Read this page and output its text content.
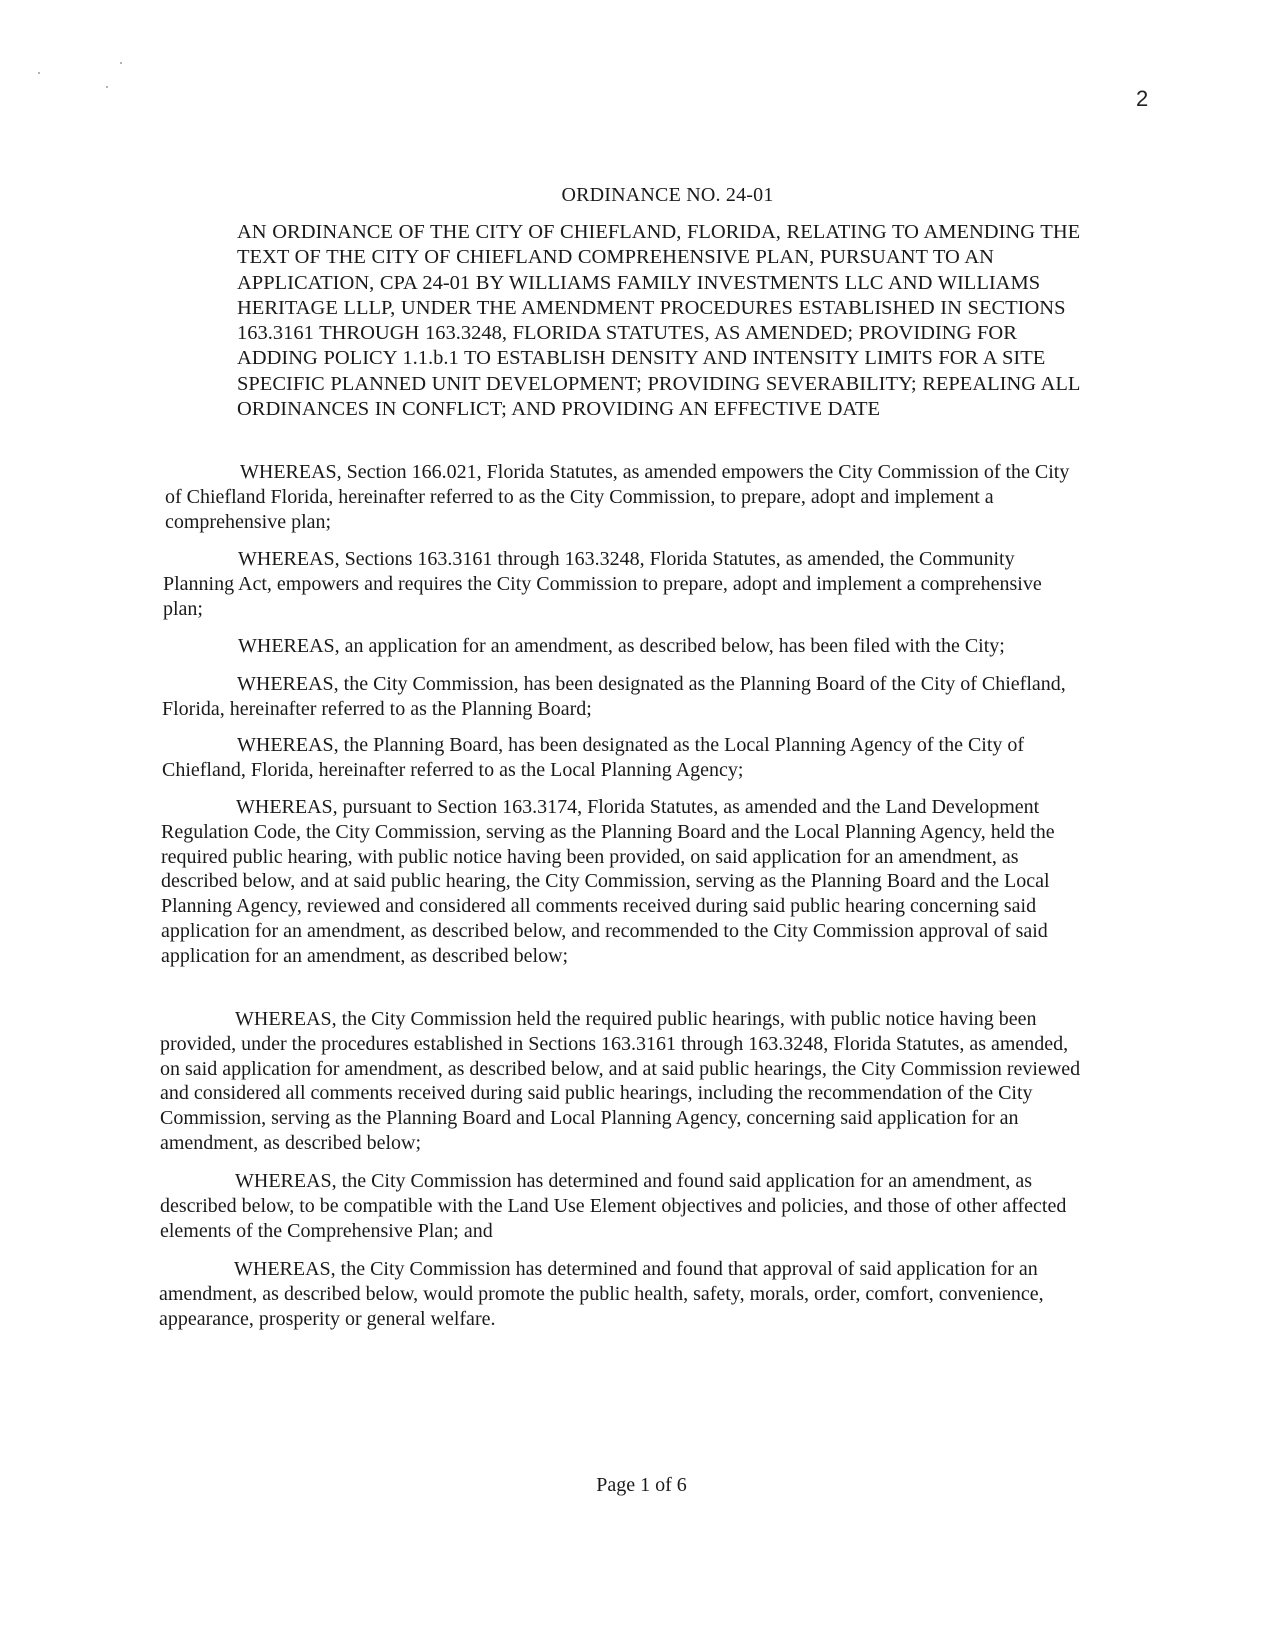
2
ORDINANCE NO. 24-01

AN ORDINANCE OF THE CITY OF CHIEFLAND, FLORIDA, RELATING TO AMENDING THE TEXT OF THE CITY OF CHIEFLAND COMPREHENSIVE PLAN, PURSUANT TO AN APPLICATION, CPA 24-01 BY WILLIAMS FAMILY INVESTMENTS LLC AND WILLIAMS HERITAGE LLLP, UNDER THE AMENDMENT PROCEDURES ESTABLISHED IN SECTIONS 163.3161 THROUGH 163.3248, FLORIDA STATUTES, AS AMENDED; PROVIDING FOR ADDING POLICY 1.1.b.1 TO ESTABLISH DENSITY AND INTENSITY LIMITS FOR A SITE SPECIFIC PLANNED UNIT DEVELOPMENT; PROVIDING SEVERABILITY; REPEALING ALL ORDINANCES IN CONFLICT; AND PROVIDING AN EFFECTIVE DATE

WHEREAS, Section 166.021, Florida Statutes, as amended empowers the City Commission of the City of Chiefland Florida, hereinafter referred to as the City Commission, to prepare, adopt and implement a comprehensive plan;

WHEREAS, Sections 163.3161 through 163.3248, Florida Statutes, as amended, the Community Planning Act, empowers and requires the City Commission to prepare, adopt and implement a comprehensive plan;

WHEREAS, an application for an amendment, as described below, has been filed with the City;

WHEREAS, the City Commission, has been designated as the Planning Board of the City of Chiefland, Florida, hereinafter referred to as the Planning Board;

WHEREAS, the Planning Board, has been designated as the Local Planning Agency of the City of Chiefland, Florida, hereinafter referred to as the Local Planning Agency;

WHEREAS, pursuant to Section 163.3174, Florida Statutes, as amended and the Land Development Regulation Code, the City Commission, serving as the Planning Board and the Local Planning Agency, held the required public hearing, with public notice having been provided, on said application for an amendment, as described below, and at said public hearing, the City Commission, serving as the Planning Board and the Local Planning Agency, reviewed and considered all comments received during said public hearing concerning said application for an amendment, as described below, and recommended to the City Commission approval of said application for an amendment, as described below;

WHEREAS, the City Commission held the required public hearings, with public notice having been provided, under the procedures established in Sections 163.3161 through 163.3248, Florida Statutes, as amended, on said application for amendment, as described below, and at said public hearings, the City Commission reviewed and considered all comments received during said public hearings, including the recommendation of the City Commission, serving as the Planning Board and Local Planning Agency, concerning said application for an amendment, as described below;

WHEREAS, the City Commission has determined and found said application for an amendment, as described below, to be compatible with the Land Use Element objectives and policies, and those of other affected elements of the Comprehensive Plan; and

WHEREAS, the City Commission has determined and found that approval of said application for an amendment, as described below, would promote the public health, safety, morals, order, comfort, convenience, appearance, prosperity or general welfare.

Page 1 of 6
